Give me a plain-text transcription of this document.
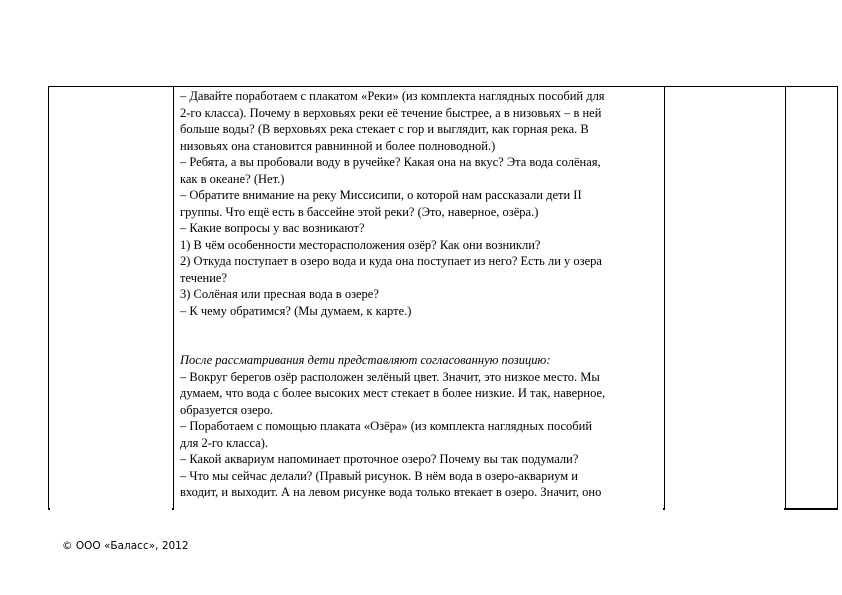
– Давайте поработаем с плакатом «Реки» (из комплекта наглядных пособий для

2-го класса). Почему в верховьях реки её течение быстрее, а в низовьях – в ней

больше воды? (В верховьях река стекает с гор и выглядит, как горная река. В

низовьях она становится равнинной и более полноводной.)

– Ребята, а вы пробовали воду в ручейке? Какая она на вкус? Эта вода солёная,

как в океане? (Нет.)

– Обратите внимание на реку Миссисипи, о которой нам рассказали дети II

группы. Что ещё есть в бассейне этой реки? (Это, наверное, озёра.)

– Какие вопросы у вас возникают?

1) В чём особенности месторасположения озёр? Как они возникли?

2) Откуда поступает в озеро вода и куда она поступает из него? Есть ли у озера

течение?

3) Солёная или пресная вода в озере?

– К чему обратимся? (Мы думаем, к карте.)

После рассматривания дети представляют согласованную позицию:

– Вокруг берегов озёр расположен зелёный цвет. Значит, это низкое место. Мы

думаем, что вода с более высоких мест стекает в более низкие. И так, наверное,

образуется озеро.

– Поработаем с помощью плаката «Озёра» (из комплекта наглядных пособий

для 2-го класса).

– Какой аквариум напоминает проточное озеро? Почему вы так подумали?

– Что мы сейчас делали? (Правый рисунок. В нём вода в озеро-аквариум и

входит, и выходит. А на левом рисунке вода только втекает в озеро. Значит, оно

© ООО «Баласс», 2012
